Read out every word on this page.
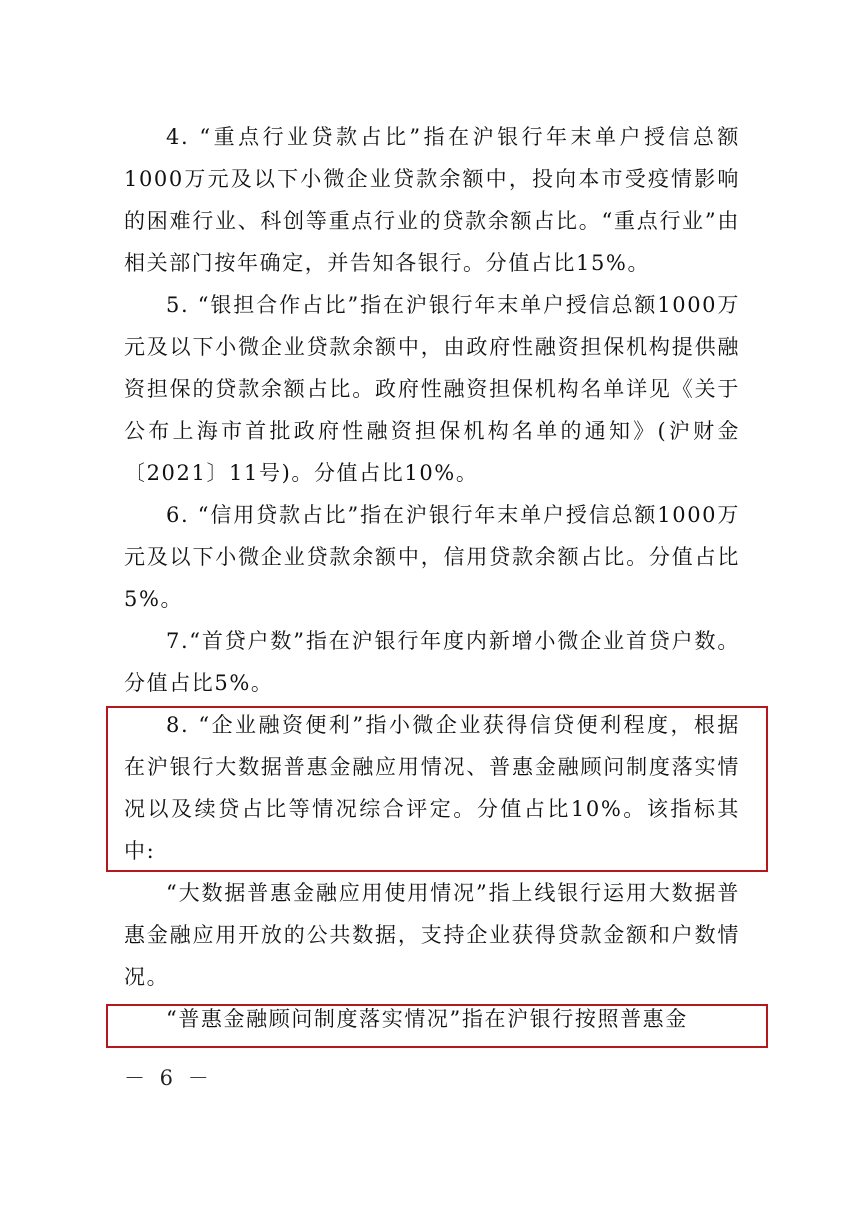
4. “重点行业贷款占比”指在沪银行年末单户授信总额1000万元及以下小微企业贷款余额中，投向本市受疫情影响的困难行业、科创等重点行业的贷款余额占比。“重点行业”由相关部门按年确定，并告知各银行。分值占比15%。

5. “银担合作占比”指在沪银行年末单户授信总额1000万元及以下小微企业贷款余额中，由政府性融资担保机构提供融资担保的贷款余额占比。政府性融资担保机构名单详见《关于公布上海市首批政府性融资担保机构名单的通知》(沪财金〔2021〕11号)。分值占比10%。

6. “信用贷款占比”指在沪银行年末单户授信总额1000万元及以下小微企业贷款余额中，信用贷款余额占比。分值占比5%。

7.“首贷户数”指在沪银行年度内新增小微企业首贷户数。分值占比5%。

8. “企业融资便利”指小微企业获得信贷便利程度，根据在沪银行大数据普惠金融应用情况、普惠金融顾问制度落实情况以及续贷占比等情况综合评定。分值占比10%。该指标其中:

“大数据普惠金融应用使用情况”指上线银行运用大数据普惠金融应用开放的公共数据，支持企业获得贷款金额和户数情况。

“普惠金融顾问制度落实情况”指在沪银行按照普惠金

－ 6 －
